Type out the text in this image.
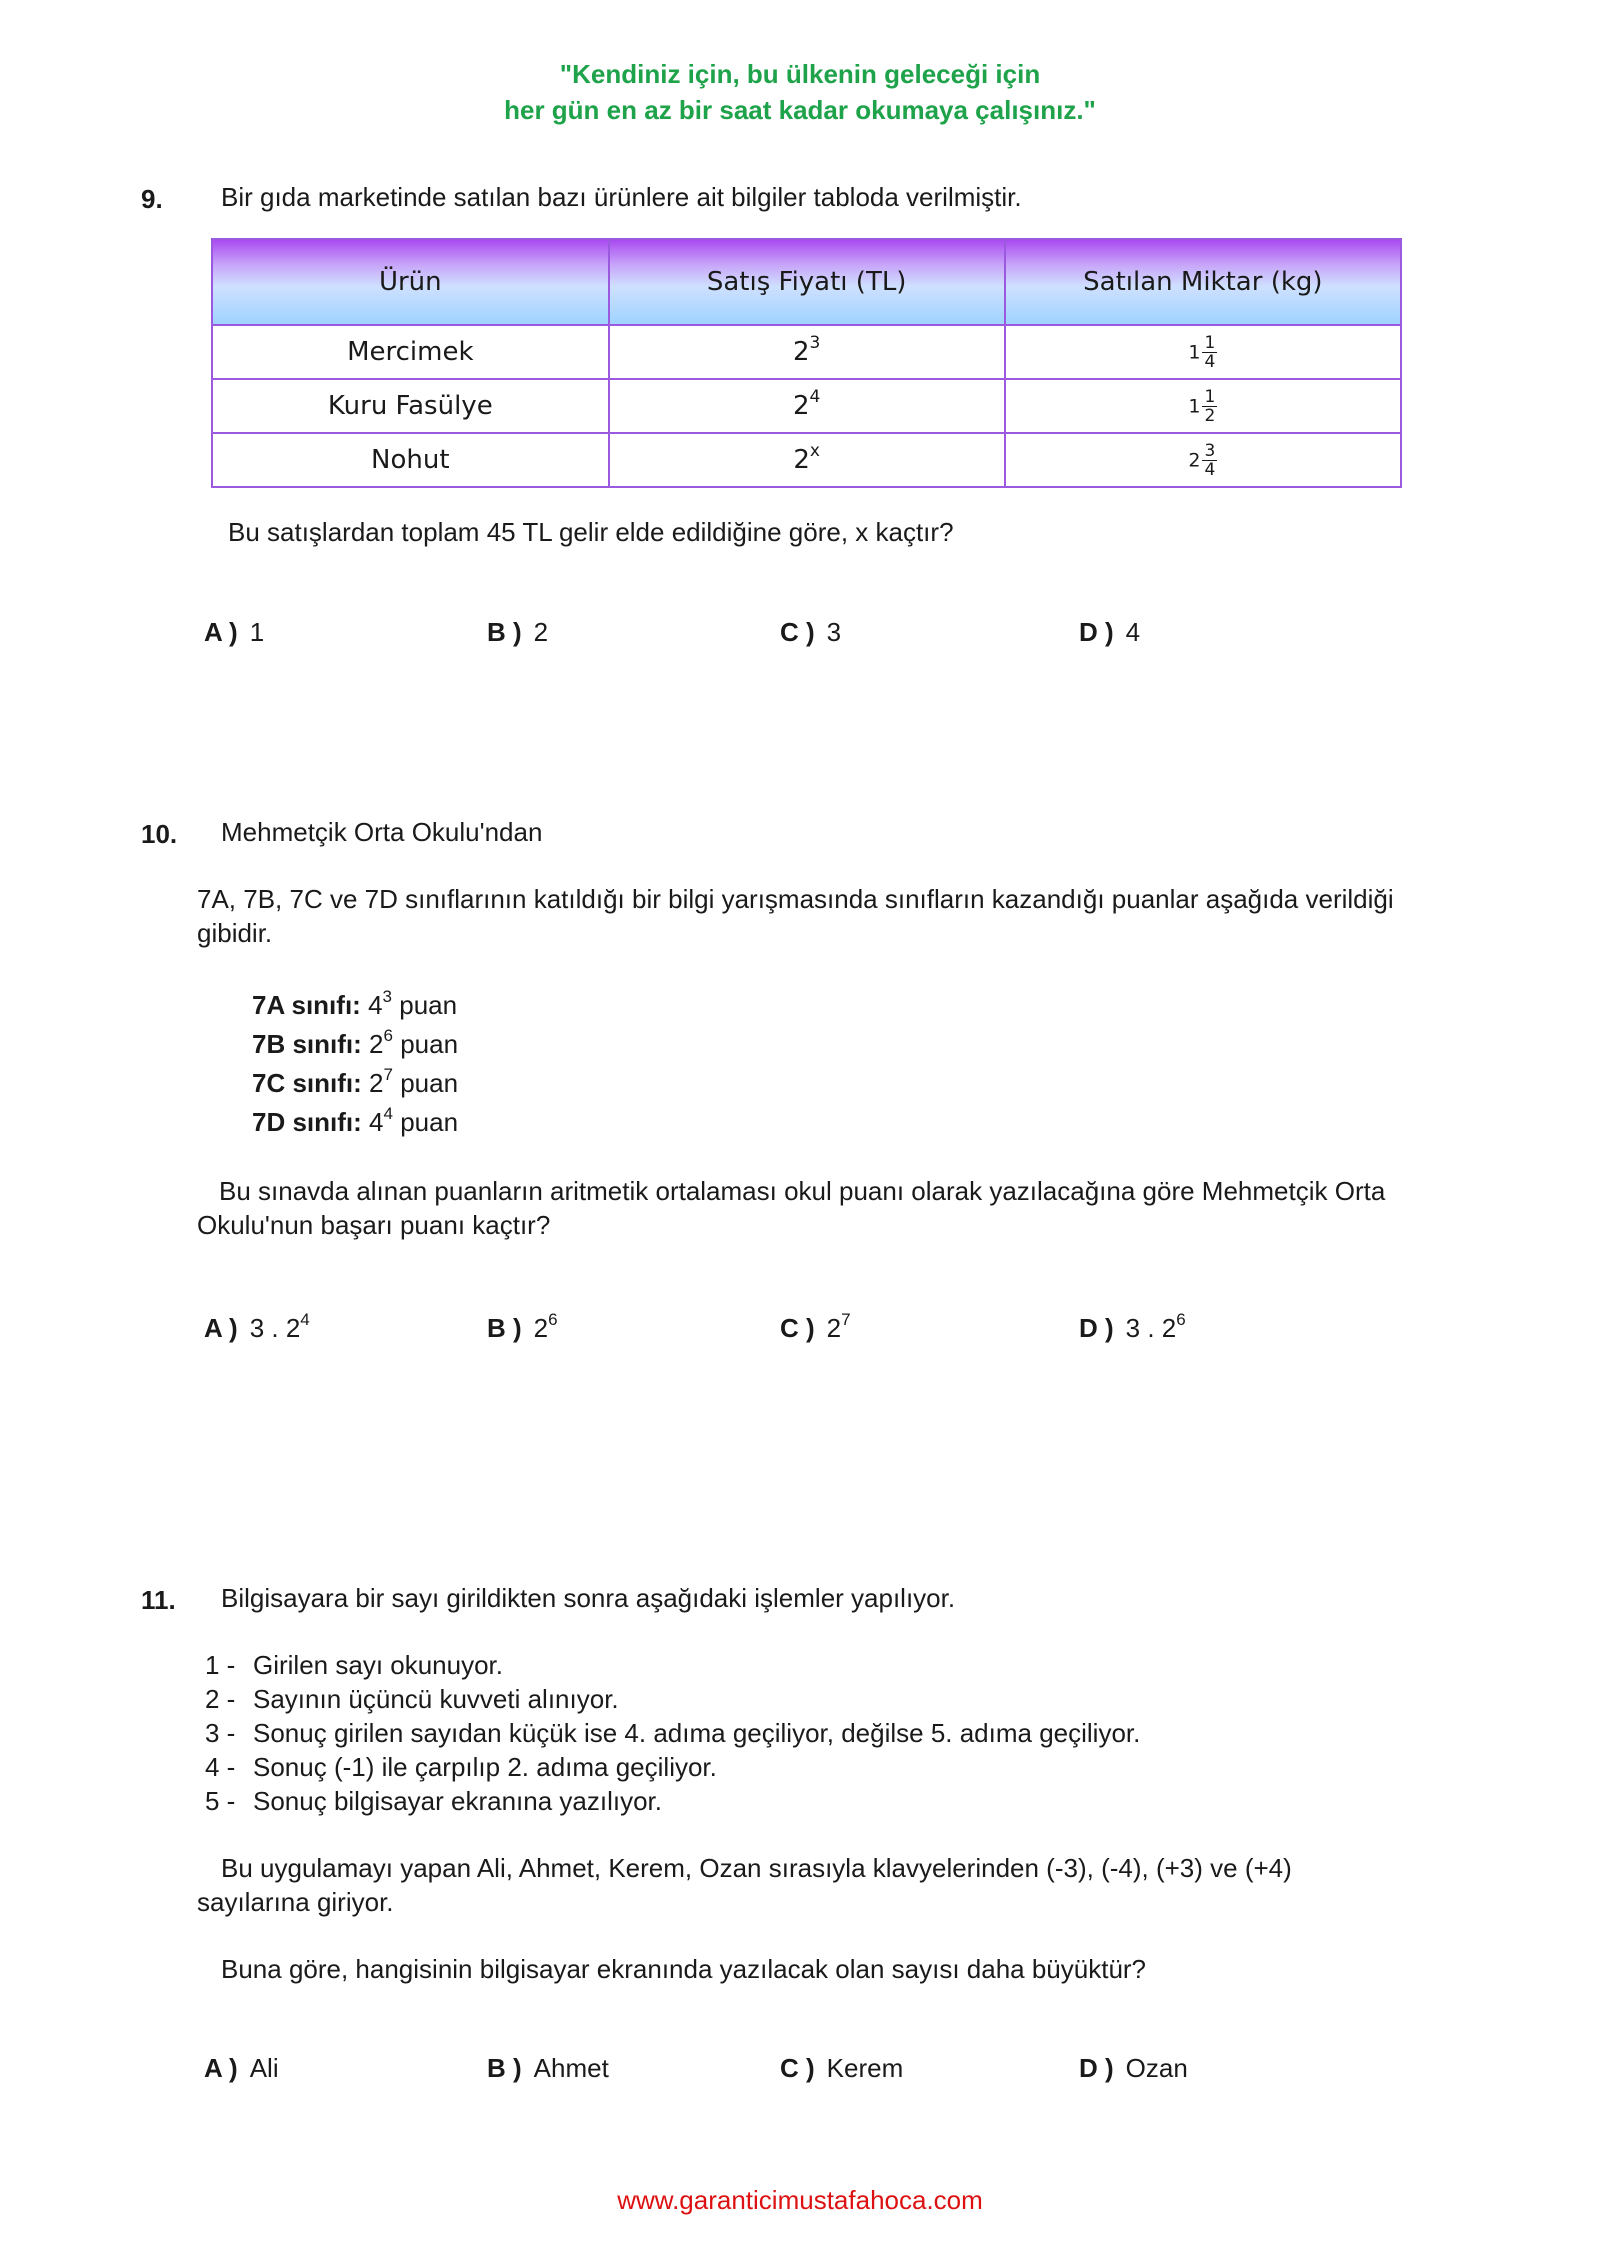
"Kendiniz için, bu ülkenin geleceği için
her gün en az bir saat kadar okumaya çalışınız."
9. Bir gıda marketinde satılan bazı ürünlere ait bilgiler tabloda verilmiştir.
Ürün	Satış Fiyatı (TL)	Satılan Miktar (kg)
Mercimek	$2^3$	$1 \frac{1}{4}$

Kuru Fasülye	$2^4$	$1 \frac{1}{2}$

Nohut	2$^x$	$2 \frac{3}{4}$
Bu satışlardan toplam 45 TL gelir elde edildiğine göre, x kaçtır?
A ) 1	B ) 2	C ) 3	D ) 4
10. Mehmetçik Orta Okulu'ndan
7A, 7B, 7C ve 7D sınıflarının katıldığı bir bilgi yarışmasında sınıfların kazandığı puanlar aşağıda verildiği gibidir.
7A sınıfı: $4^3$ puan
7B sınıfı: $2^6$ puan
7C sınıfı: $2^7$ puan
7D sınıfı: $4^4$ puan
Bu sınavda alınan puanların aritmetik ortalaması okul puanı olarak yazılacağına göre Mehmetçik Orta Okulu'nun başarı puanı kaçtır?
A ) 3 . $2^4$	B ) $2^6$	C ) $2^7$	D ) 3 . $2^6$
11. Bilgisayara bir sayı girildikten sonra aşağıdaki işlemler yapılıyor.
1 - Girilen sayı okunuyor.
2 - Sayının üçüncü kuvveti alınıyor.
3 - Sonuç girilen sayıdan küçük ise 4. adıma geçiliyor, değilse 5. adıma geçiliyor.
4 - Sonuç (-1) ile çarpılıp 2. adıma geçiliyor.
5 - Sonuç bilgisayar ekranına yazılıyor.
Bu uygulamayı yapan Ali, Ahmet, Kerem, Ozan sırasıyla klavyelerinden (-3), (-4), (+3) ve (+4)
sayılarına giriyor.
Buna göre, hangisinin bilgisayar ekranında yazılacak olan sayısı daha büyüktür?
A ) Ali	B ) Ahmet	C ) Kerem	D ) Ozan
www.garanticimustafahoca.com
